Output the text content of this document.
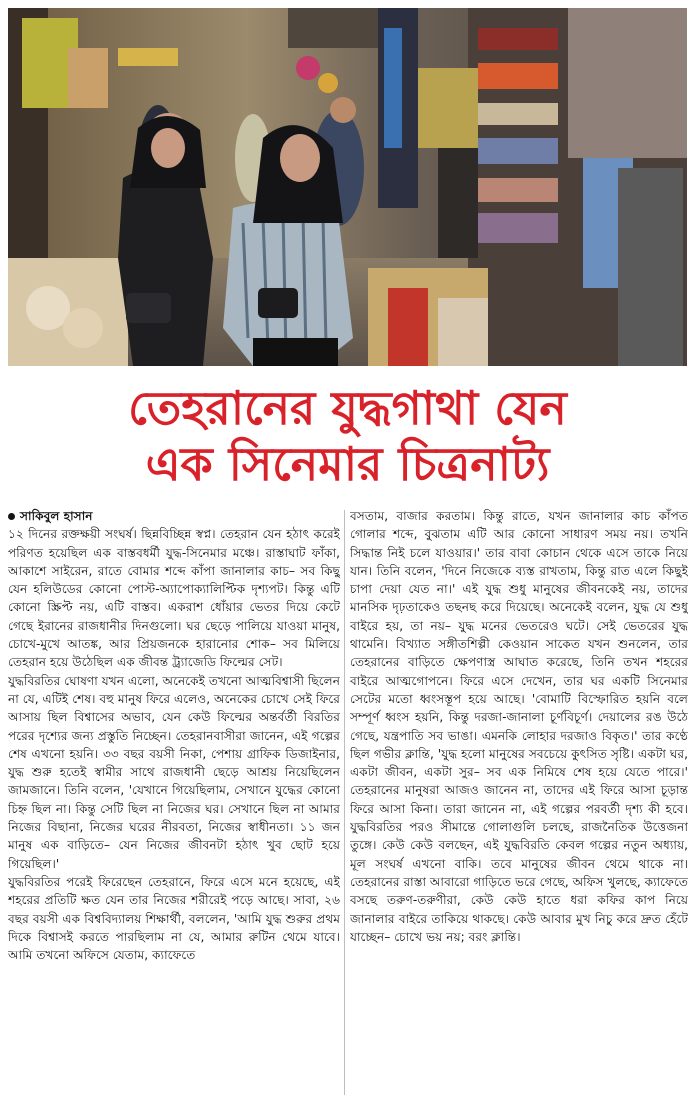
তেহরানের যুদ্ধগাথা যেন
এক সিনেমার চিত্রনাট্য
সাকিবুল হাসান

১২ দিনের রক্তক্ষয়ী সংঘর্ষ। ছিন্নবিচ্ছিন্ন স্বপ্ন। তেহরান যেন হঠাৎ করেই পরিণত হয়েছিল এক বাস্তবধর্মী যুদ্ধ-সিনেমার মঞ্চে। রাস্তাঘাট ফাঁকা, আকাশে সাইরেন, রাতে বোমার শব্দে কাঁপা জানালার কাচ– সব কিছু যেন হলিউডের কোনো পোস্ট-অ্যাপোক্যালিপ্টিক দৃশ্যপট। কিন্তু এটি কোনো স্ক্রিপ্ট নয়, এটি বাস্তব। একরাশ ধোঁয়ার ভেতর দিয়ে কেটে গেছে ইরানের রাজধানীর দিনগুলো। ঘর ছেড়ে পালিয়ে যাওয়া মানুষ, চোখে-মুখে আতঙ্ক, আর প্রিয়জনকে হারানোর শোক– সব মিলিয়ে তেহরান হয়ে উঠেছিল এক জীবন্ত ট্র্যাজেডি ফিল্মের সেট।

যুদ্ধবিরতির ঘোষণা যখন এলো, অনেকেই তখনো আত্মবিশ্বাসী ছিলেন না যে, এটিই শেষ। বহু মানুষ ফিরে এলেও, অনেকের চোখে সেই ফিরে আসায় ছিল বিশ্বাসের অভাব, যেন কেউ ফিল্মের অন্তর্বর্তী বিরতির পরের দৃশ্যের জন্য প্রস্তুতি নিচ্ছেন। তেহরানবাসীরা জানেন, এই গল্পের শেষ এখনো হয়নি। ৩৩ বছর বয়সী নিকা, পেশায় গ্রাফিক ডিজাইনার, যুদ্ধ শুরু হতেই স্বামীর সাথে রাজধানী ছেড়ে আশ্রয় নিয়েছিলেন জামজানে। তিনি বলেন, 'যেখানে গিয়েছিলাম, সেখানে যুদ্ধের কোনো চিহ্ন ছিল না। কিন্তু সেটি ছিল না নিজের ঘর। সেখানে ছিল না আমার নিজের বিছানা, নিজের ঘরের নীরবতা, নিজের স্বাধীনতা। ১১ জন মানুষ এক বাড়িতে– যেন নিজের জীবনটা হঠাৎ খুব ছোট হয়ে গিয়েছিল।'

যুদ্ধবিরতির পরেই ফিরেছেন তেহরানে, ফিরে এসে মনে হয়েছে, এই শহরের প্রতিটি ক্ষত যেন তার নিজের শরীরেই পড়ে আছে। সাবা, ২৬ বছর বয়সী এক বিশ্ববিদ্যালয় শিক্ষার্থী, বললেন, 'আমি যুদ্ধ শুরুর প্রথম দিকে বিশ্বাসই করতে পারছিলাম না যে, আমার রুটিন থেমে যাবে। আমি তখনো অফিসে যেতাম, ক্যাফেতে

বসতাম, বাজার করতাম। কিন্তু রাতে, যখন জানালার কাচ কাঁপত গোলার শব্দে, বুঝতাম এটি আর কোনো সাধারণ সময় নয়। তখনি সিদ্ধান্ত নিই চলে যাওয়ার।' তার বাবা কোচান থেকে এসে তাকে নিয়ে যান। তিনি বলেন, 'দিনে নিজেকে ব্যস্ত রাখতাম, কিন্তু রাত এলে কিছুই চাপা দেয়া যেত না।' এই যুদ্ধ শুধু মানুষের জীবনকেই নয়, তাদের মানসিক দৃঢ়তাকেও তছনছ করে দিয়েছে। অনেকেই বলেন, যুদ্ধ যে শুধু বাইরে হয়, তা নয়– যুদ্ধ মনের ভেতরেও ঘটে। সেই ভেতরের যুদ্ধ থামেনি। বিখ্যাত সঙ্গীতশিল্পী কেওয়ান সাকেত যখন শুনলেন, তার তেহরানের বাড়িতে ক্ষেপণাস্ত্র আঘাত করেছে, তিনি তখন শহরের বাইরে আত্মগোপনে। ফিরে এসে দেখেন, তার ঘর একটি সিনেমার সেটের মতো ধ্বংসস্তূপ হয়ে আছে। 'বোমাটি বিস্ফোরিত হয়নি বলে সম্পূর্ণ ধ্বংস হয়নি, কিন্তু দরজা-জানালা চূর্ণবিচূর্ণ। দেয়ালের রঙ উঠে গেছে, যন্ত্রপাতি সব ভাঙা। এমনকি লোহার দরজাও বিকৃত।' তার কণ্ঠে ছিল গভীর ক্লান্তি, 'যুদ্ধ হলো মানুষের সবচেয়ে কুৎসিত সৃষ্টি। একটা ঘর, একটা জীবন, একটা সুর– সব এক নিমিষে শেষ হয়ে যেতে পারে।' তেহরানের মানুষরা আজও জানেন না, তাদের এই ফিরে আসা চূড়ান্ত ফিরে আসা কিনা। তারা জানেন না, এই গল্পের পরবর্তী দৃশ্য কী হবে। যুদ্ধবিরতির পরও সীমান্তে গোলাগুলি চলছে, রাজনৈতিক উত্তেজনা তুঙ্গে। কেউ কেউ বলছেন, এই যুদ্ধবিরতি কেবল গল্পের নতুন অধ্যায়, মূল সংঘর্ষ এখনো বাকি। তবে মানুষের জীবন থেমে থাকে না। তেহরানের রাস্তা আবারো গাড়িতে ভরে গেছে, অফিস খুলছে, ক্যাফেতে বসছে তরুণ-তরুণীরা, কেউ কেউ হাতে ধরা কফির কাপ নিয়ে জানালার বাইরে তাকিয়ে থাকছে। কেউ আবার মুখ নিচু করে দ্রুত হেঁটে যাচ্ছেন– চোখে ভয় নয়; বরং ক্লান্তি।
